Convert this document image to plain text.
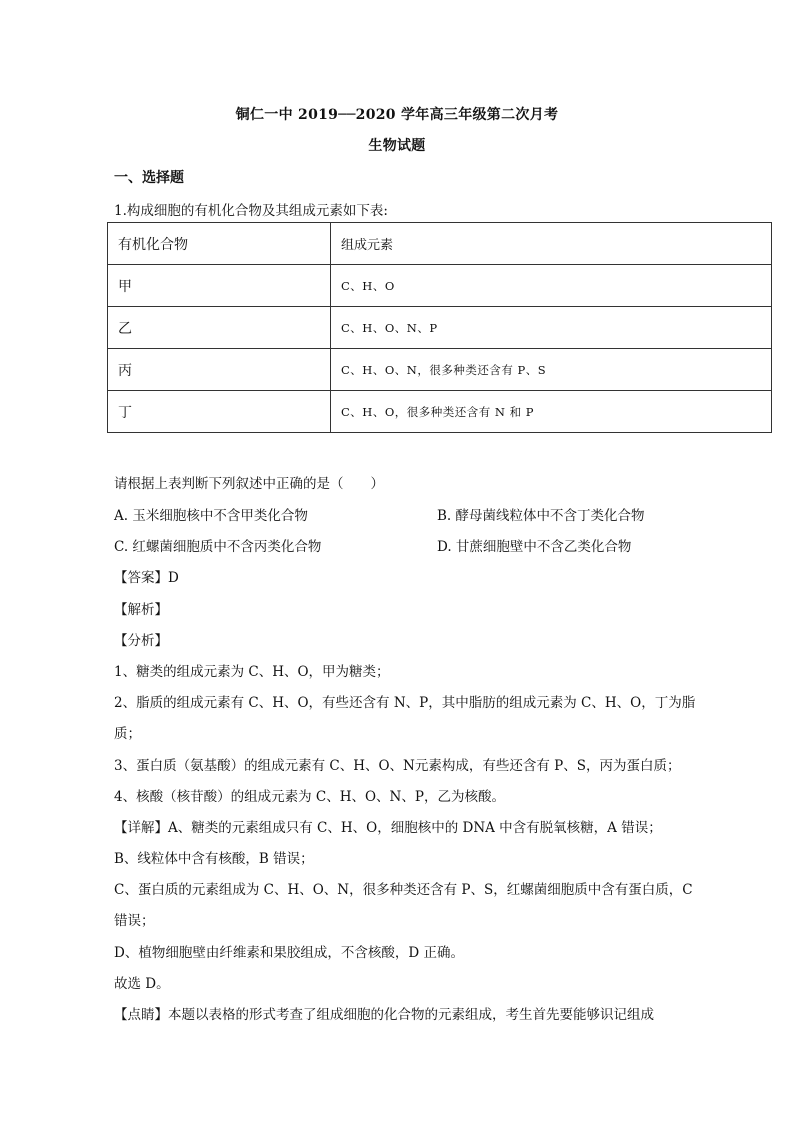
铜仁一中 2019──2020 学年高三年级第二次月考
生物试题
一、选择题
1.构成细胞的有机化合物及其组成元素如下表:
有机化合物	组成元素
甲	C、H、O
乙	C、H、O、N、P
丙	C、H、O、N，很多种类还含有 P、S
丁	C、H、O，很多种类还含有 N 和 P
请根据上表判断下列叙述中正确的是（　　）
A. 玉米细胞核中不含甲类化合物	B. 酵母菌线粒体中不含丁类化合物
C. 红螺菌细胞质中不含丙类化合物	D. 甘蔗细胞壁中不含乙类化合物
【答案】D
【解析】
【分析】
1、糖类的组成元素为 C、H、O，甲为糖类；
2、脂质的组成元素有 C、H、O，有些还含有 N、P，其中脂肪的组成元素为 C、H、O，丁为脂
质；
3、蛋白质（氨基酸）的组成元素有 C、H、O、N元素构成，有些还含有 P、S，丙为蛋白质；
4、核酸（核苷酸）的组成元素为 C、H、O、N、P，乙为核酸。
【详解】A、糖类的元素组成只有 C、H、O，细胞核中的 DNA 中含有脱氧核糖，A 错误；
B、线粒体中含有核酸，B 错误；
C、蛋白质的元素组成为 C、H、O、N，很多种类还含有 P、S，红螺菌细胞质中含有蛋白质，C
错误；
D、植物细胞壁由纤维素和果胶组成，不含核酸，D 正确。
故选 D。
【点睛】本题以表格的形式考查了组成细胞的化合物的元素组成，考生首先要能够识记组成
